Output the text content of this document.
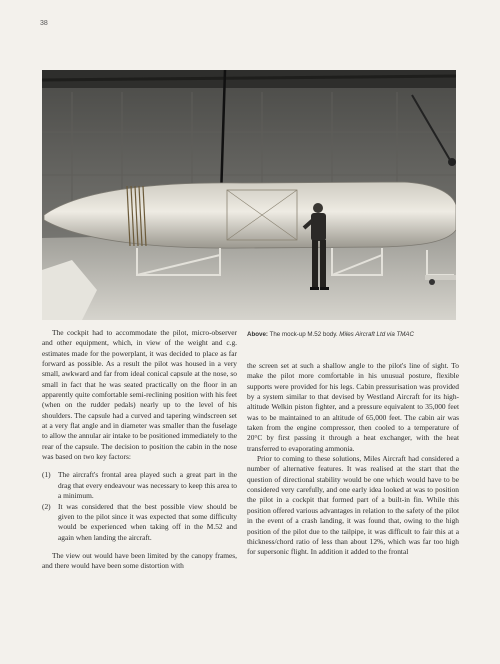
38
Above: The mock-up M.52 body. Miles Aircraft Ltd via TMAC

The cockpit had to accommodate the pilot, micro-observer and other equipment, which, in view of the weight and c.g. estimates made for the powerplant, it was decided to place as far forward as possible. As a result the pilot was housed in a very small, awkward and far from ideal conical capsule at the nose, so small in fact that he was seated practically on the floor in an apparently quite comfortable semi-reclining position with his feet (when on the rudder pedals) nearly up to the level of his shoulders. The capsule had a curved and tapering windscreen set at a very flat angle and in diameter was smaller than the fuselage to allow the annular air intake to be positioned immediately to the rear of the capsule. The decision to position the cabin in the nose was based on two key factors:

(1) The aircraft's frontal area played such a great part in the drag that every endeavour was necessary to keep this area to a minimum.
(2) It was considered that the best possible view should be given to the pilot since it was expected that some difficulty would be experienced when taking off in the M.52 and again when landing the aircraft.

The view out would have been limited by the canopy frames, and there would have been some distortion with

the screen set at such a shallow angle to the pilot's line of sight. To make the pilot more comfortable in his unusual posture, flexible supports were provided for his legs. Cabin pressurisation was provided by a system similar to that devised by Westland Aircraft for its high-altitude Welkin piston fighter, and a pressure equivalent to 35,000 feet was to be maintained to an altitude of 65,000 feet. The cabin air was taken from the engine compressor, then cooled to a temperature of 20°C by first passing it through a heat exchanger, with the heat transferred to evaporating ammonia.

Prior to coming to these solutions, Miles Aircraft had considered a number of alternative features. It was realised at the start that the question of directional stability would be one which would have to be considered very carefully, and one early idea looked at was to position the pilot in a cockpit that formed part of a built-in fin. While this position offered various advantages in relation to the safety of the pilot in the event of a crash landing, it was found that, owing to the high position of the pilot due to the tailpipe, it was difficult to fair this at a thickness/chord ratio of less than about 12%, which was far too high for supersonic flight. In addition it added to the frontal
